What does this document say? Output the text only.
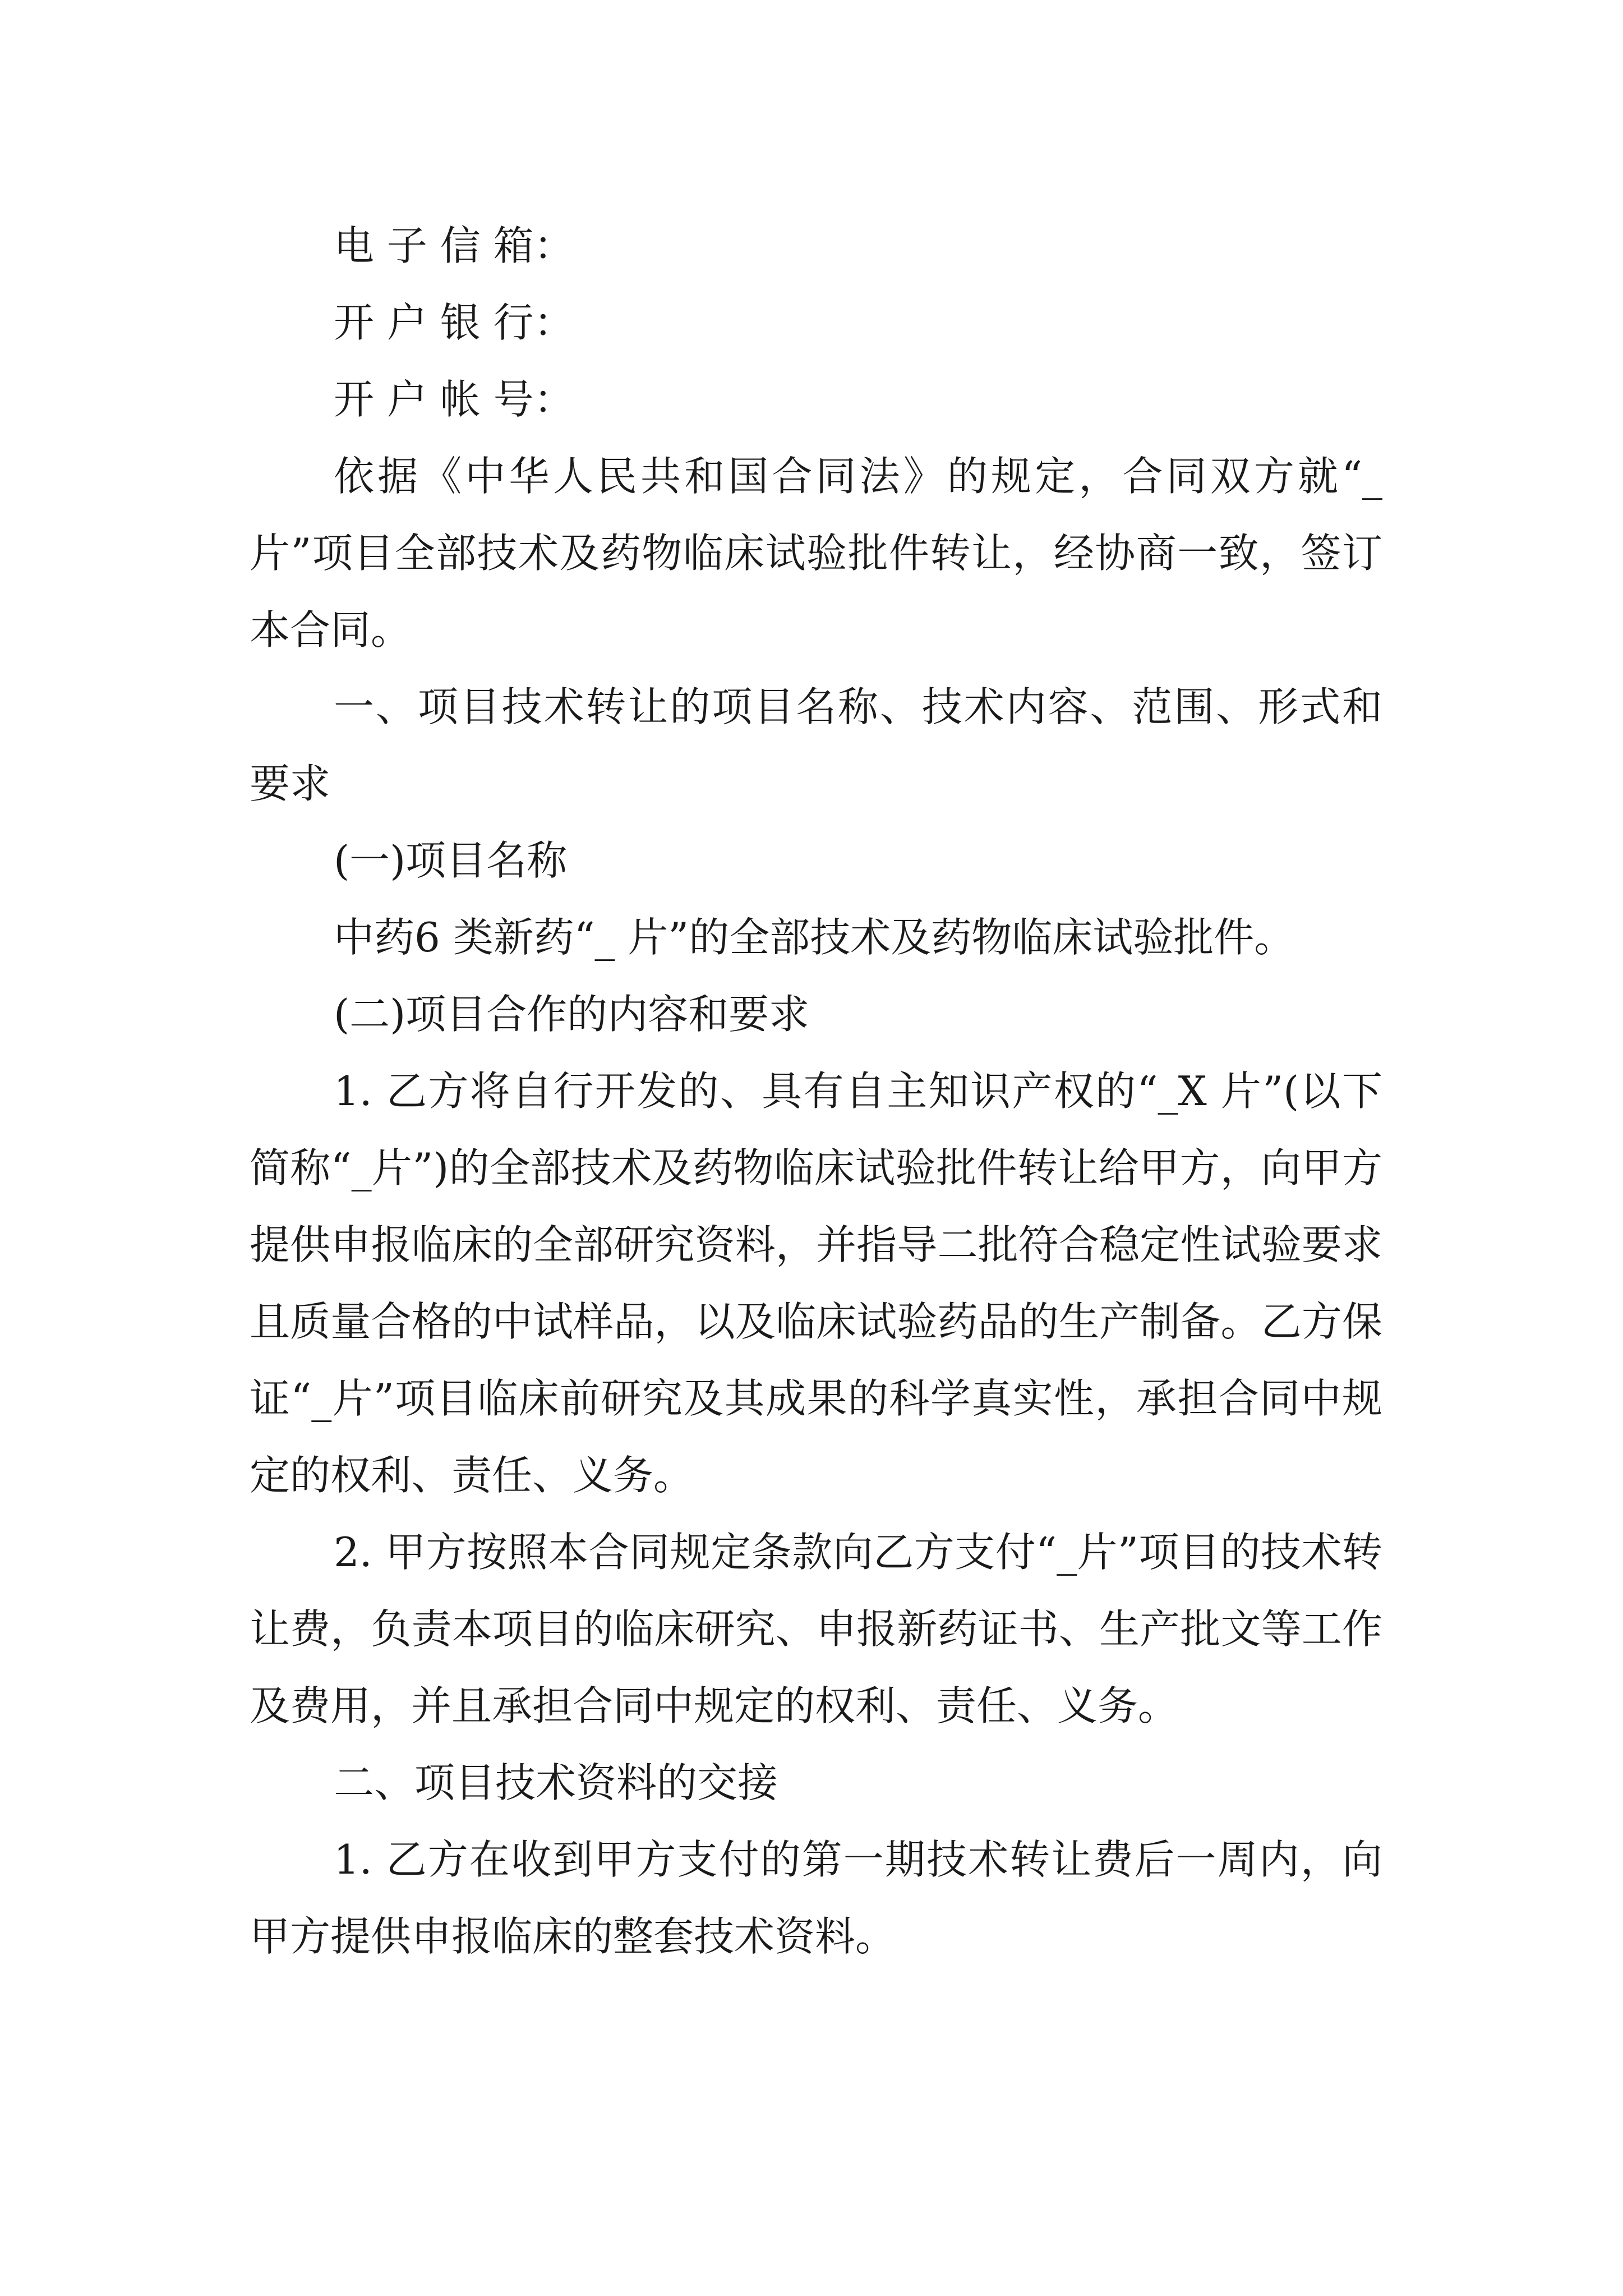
电 子 信 箱：

开 户 银 行：

开 户 帐 号：

依据《中华人民共和国合同法》的规定，合同双方就“_ 片”项目全部技术及药物临床试验批件转让，经协商一致，签订本合同。

一、项目技术转让的项目名称、技术内容、范围、形式和要求

(一)项目名称

中药6 类新药“_ 片”的全部技术及药物临床试验批件。

(二)项目合作的内容和要求

1. 乙方将自行开发的、具有自主知识产权的“_X 片”(以下简称“_片”)的全部技术及药物临床试验批件转让给甲方，向甲方提供申报临床的全部研究资料，并指导二批符合稳定性试验要求且质量合格的中试样品，以及临床试验药品的生产制备。乙方保证“_片”项目临床前研究及其成果的科学真实性，承担合同中规定的权利、责任、义务。

2. 甲方按照本合同规定条款向乙方支付“_片”项目的技术转让费，负责本项目的临床研究、申报新药证书、生产批文等工作及费用，并且承担合同中规定的权利、责任、义务。

二、项目技术资料的交接

1. 乙方在收到甲方支付的第一期技术转让费后一周内，向甲方提供申报临床的整套技术资料。
